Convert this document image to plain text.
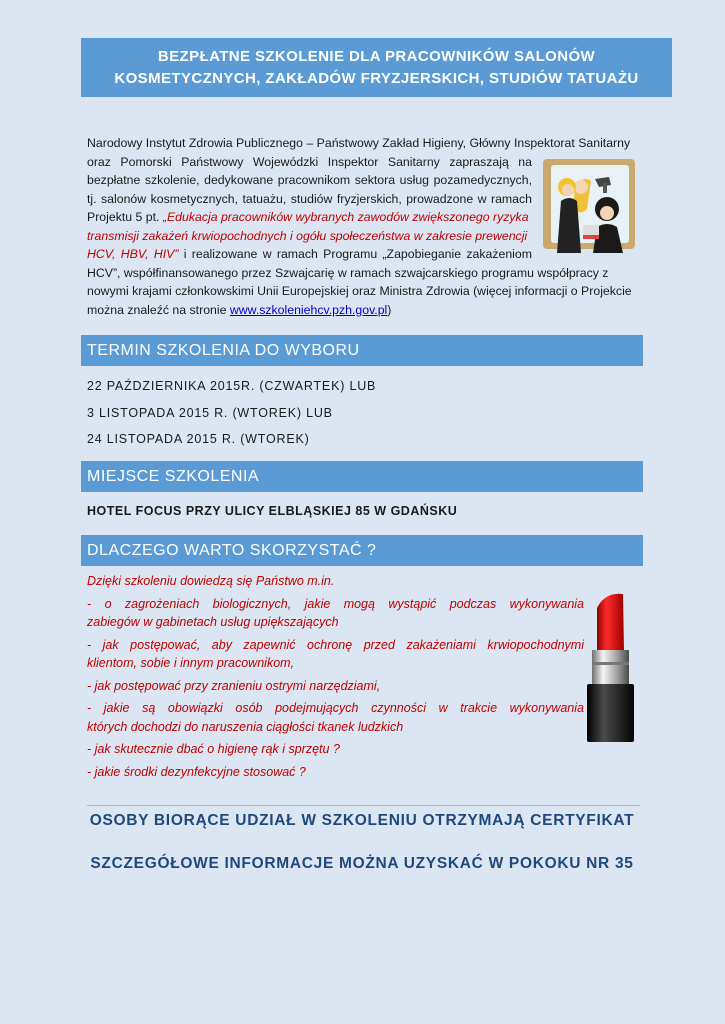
BEZPŁATNE SZKOLENIE DLA PRACOWNIKÓW SALONÓW
KOSMETYCZNYCH, ZAKŁADÓW FRYZJERSKICH, STUDIÓW TATUAŻU
Narodowy Instytut Zdrowia Publicznego – Państwowy Zakład Higieny, Główny Inspektorat Sanitarny
oraz Pomorski Państwowy Wojewódzki Inspektor Sanitarny zapraszają na
bezpłatne szkolenie, dedykowane pracownikom sektora usług pozamedycznych,
tj. salonów kosmetycznych, tatuażu, studiów fryzjerskich, prowadzone w ramach
Projektu 5 pt. „Edukacja pracowników wybranych zawodów zwiększonego ryzyka
transmisji zakażeń krwiopochodnych i ogółu społeczeństwa w zakresie prewencji
HCV, HBV, HIV” i realizowane w ramach Programu „Zapobieganie zakażeniom
HCV”, współfinansowanego przez Szwajcarię w ramach szwajcarskiego programu współpracy z
nowymi krajami członkowskimi Unii Europejskiej oraz Ministra Zdrowia (więcej informacji o Projekcie
można znaleźć na stronie www.szkoleniehcv.pzh.gov.pl)
TERMIN SZKOLENIA DO WYBORU
22 PAŹDZIERNIKA 2015R. (CZWARTEK) LUB
3 LISTOPADA 2015 R. (WTOREK) LUB
24 LISTOPADA 2015 R. (WTOREK)
MIEJSCE SZKOLENIA
HOTEL FOCUS PRZY ULICY ELBLĄSKIEJ 85 W GDAŃSKU
DLACZEGO WARTO SKORZYSTAĆ ?
Dzięki szkoleniu dowiedzą się Państwo m.in.
- o zagrożeniach biologicznych, jakie mogą wystąpić podczas wykonywania
zabiegów w gabinetach usług upiększających
- jak postępować, aby zapewnić ochronę przed zakażeniami krwiopochodnymi
klientom, sobie i innym pracownikom,
- jak postępować przy zranieniu ostrymi narzędziami,
- jakie są obowiązki osób podejmujących czynności w trakcie wykonywania
których dochodzi do naruszenia ciągłości tkanek ludzkich
- jak skutecznie dbać o higienę rąk i sprzętu ?
- jakie środki dezynfekcyjne stosować ?
OSOBY BIORĄCE UDZIAŁ W SZKOLENIU OTRZYMAJĄ CERTYFIKAT
SZCZEGÓŁOWE INFORMACJE MOŻNA UZYSKAĆ W POKOKU NR 35
